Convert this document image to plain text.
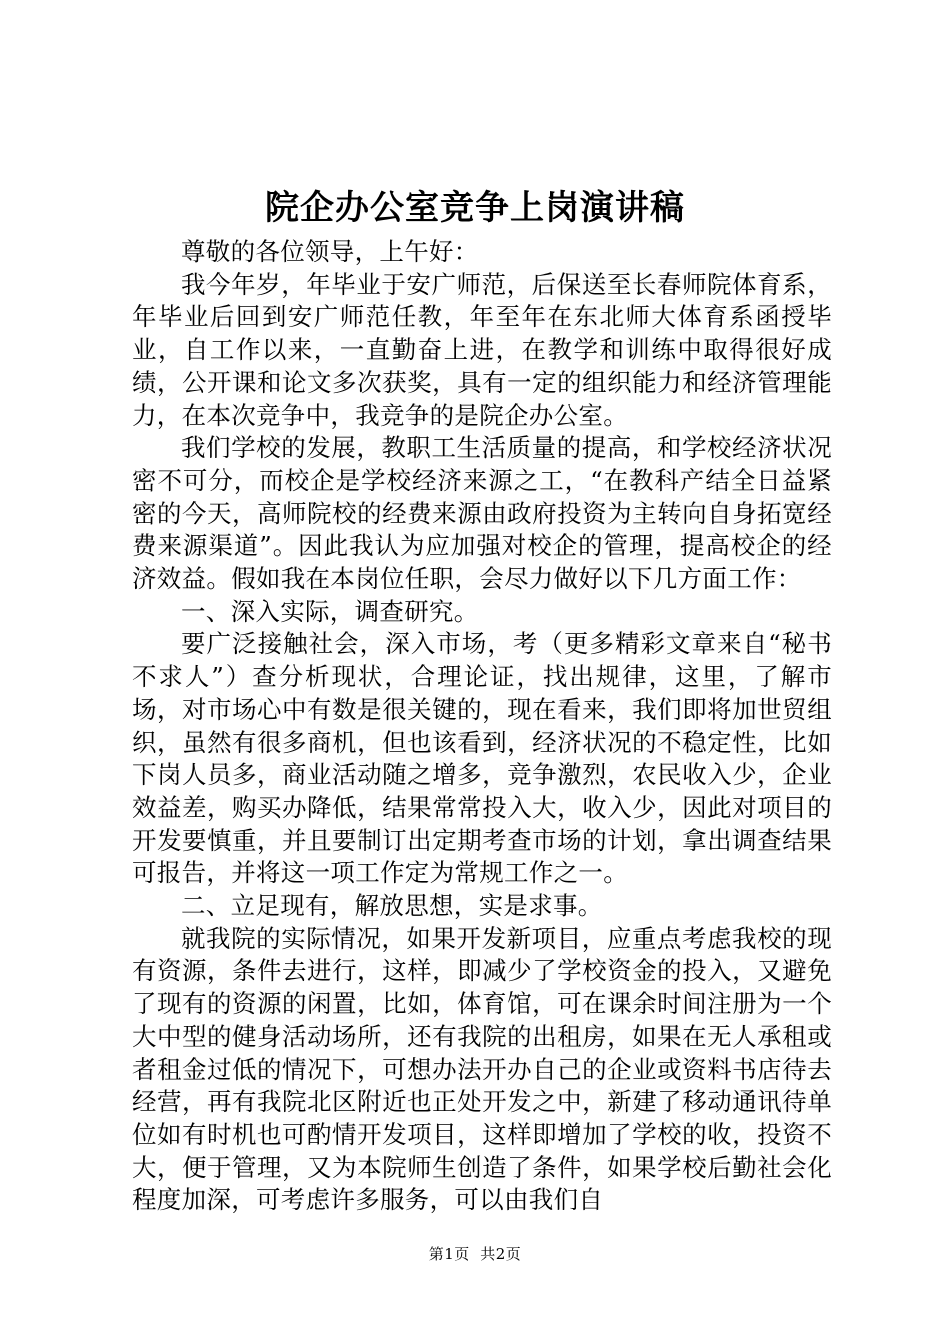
院企办公室竞争上岗演讲稿

尊敬的各位领导，上午好：

我今年岁，年毕业于安广师范，后保送至长春师院体育系，年毕业后回到安广师范任教，年至年在东北师大体育系函授毕业，自工作以来，一直勤奋上进，在教学和训练中取得很好成绩，公开课和论文多次获奖，具有一定的组织能力和经济管理能力，在本次竞争中，我竞争的是院企办公室。

我们学校的发展，教职工生活质量的提高，和学校经济状况密不可分，而校企是学校经济来源之工，“在教科产结全日益紧密的今天，高师院校的经费来源由政府投资为主转向自身拓宽经费来源渠道”。因此我认为应加强对校企的管理，提高校企的经济效益。假如我在本岗位任职，会尽力做好以下几方面工作：

一、深入实际，调查研究。

要广泛接触社会，深入市场，考（更多精彩文章来自“秘书不求人”）查分析现状，合理论证，找出规律，这里，了解市场，对市场心中有数是很关键的，现在看来，我们即将加世贸组织，虽然有很多商机，但也该看到，经济状况的不稳定性，比如下岗人员多，商业活动随之增多，竞争激烈，农民收入少，企业效益差，购买办降低，结果常常投入大，收入少，因此对项目的开发要慎重，并且要制订出定期考查市场的计划，拿出调查结果可报告，并将这一项工作定为常规工作之一。

二、立足现有，解放思想，实是求事。

就我院的实际情况，如果开发新项目，应重点考虑我校的现有资源，条件去进行，这样，即减少了学校资金的投入，又避免了现有的资源的闲置，比如，体育馆，可在课余时间注册为一个大中型的健身活动场所，还有我院的出租房，如果在无人承租或者租金过低的情况下，可想办法开办自己的企业或资料书店待去经营，再有我院北区附近也正处开发之中，新建了移动通讯待单位如有时机也可酌情开发项目，这样即增加了学校的收，投资不大，便于管理，又为本院师生创造了条件，如果学校后勤社会化程度加深，可考虑许多服务，可以由我们自

第1页  共2页
